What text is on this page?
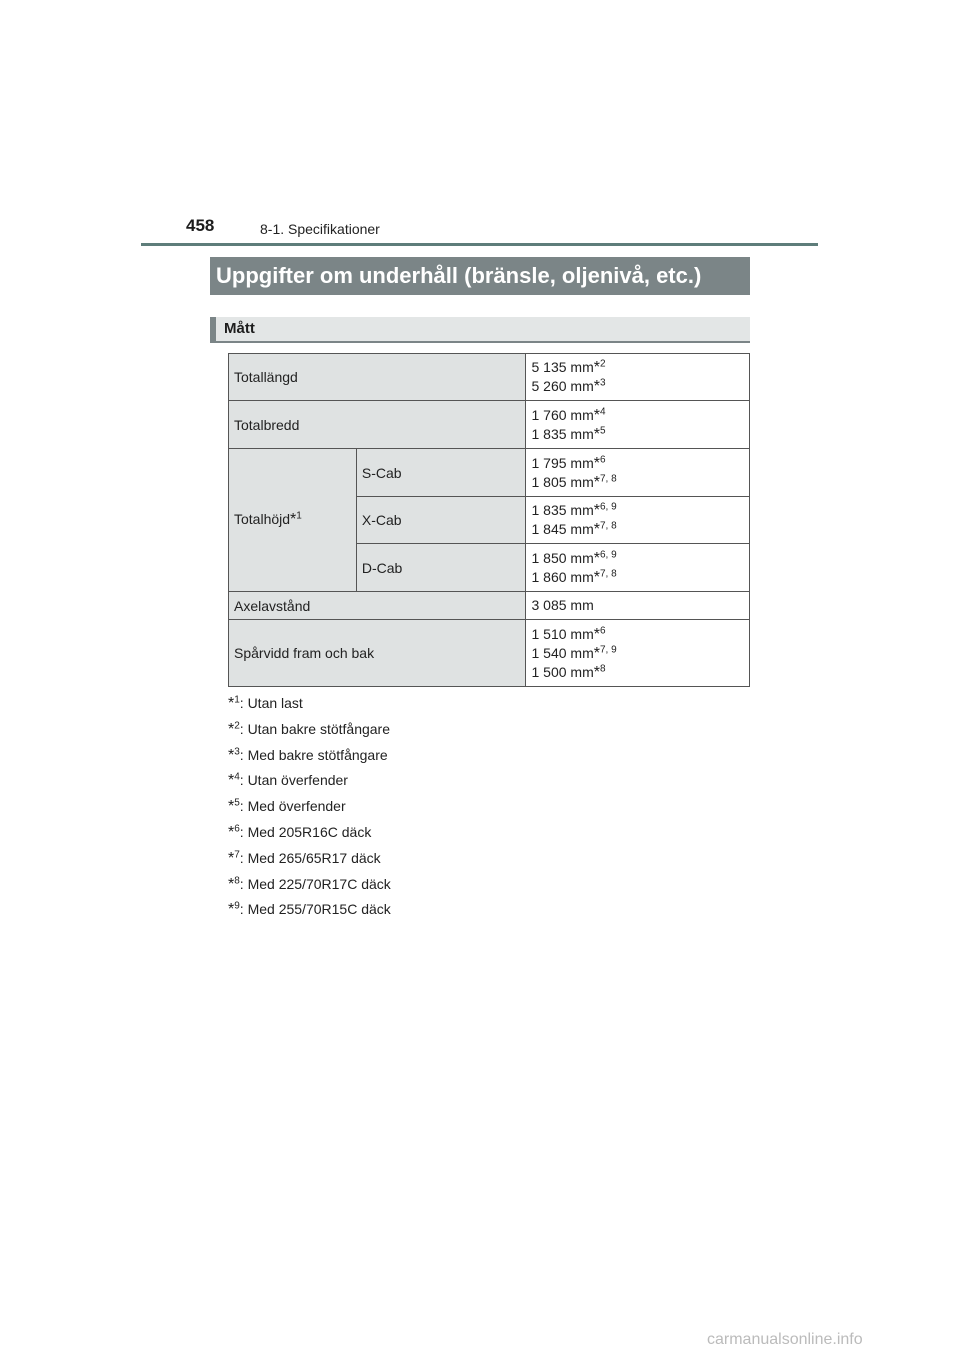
458	8-1. Specifikationer
Uppgifter om underhåll (bränsle, oljenivå, etc.)
Mått
Totallängd		5 135 mm*$^2$
5 260 mm*$^3$
Totalbredd		1 760 mm*$^4$
1 835 mm*$^5$
Totalhöjd*$^1$	S-Cab	1 795 mm*$^6$
1 805 mm*$^{7, 8}$
	X-Cab	1 835 mm*$^{6, 9}$
1 845 mm*$^{7, 8}$
	D-Cab	1 850 mm*$^{6, 9}$
1 860 mm*$^{7, 8}$
Axelavstånd		3 085 mm
Spårvidd fram och bak		1 510 mm*$^6$
1 540 mm*$^{7, 9}$
1 500 mm*$^8$
*$^1$: Utan last
*$^2$: Utan bakre stötfångare
*$^3$: Med bakre stötfångare
*$^4$: Utan överfender
*$^5$: Med överfender
*$^6$: Med 205R16C däck
*$^7$: Med 265/65R17 däck
*$^8$: Med 225/70R17C däck
*$^9$: Med 255/70R15C däck
carmanualsonline.info
